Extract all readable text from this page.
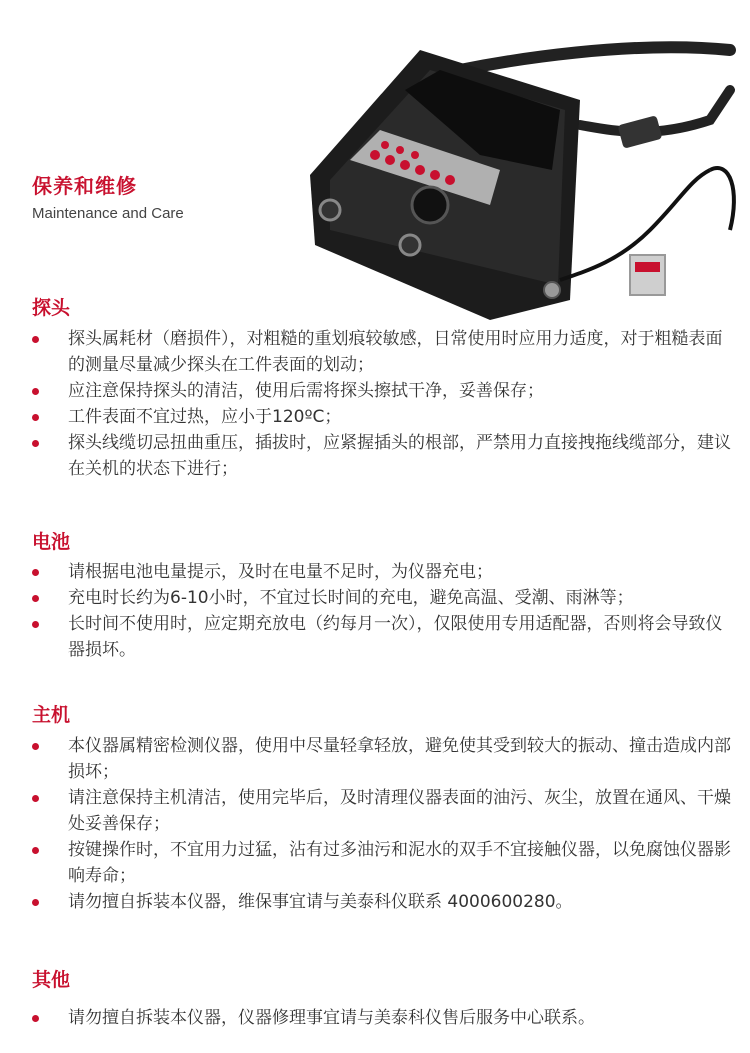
保养和维修
Maintenance and Care
探头
探头属耗材（磨损件），对粗糙的重划痕较敏感，日常使用时应用力适度，对于粗糙表面的测量尽量减少探头在工件表面的划动；
应注意保持探头的清洁，使用后需将探头擦拭干净，妥善保存；
工件表面不宜过热，应小于120ºC；
探头线缆切忌扭曲重压，插拔时，应紧握插头的根部，严禁用力直接拽拖线缆部分，建议在关机的状态下进行；
电池
请根据电池电量提示，及时在电量不足时，为仪器充电；
充电时长约为6-10小时，不宜过长时间的充电，避免高温、受潮、雨淋等；
长时间不使用时，应定期充放电（约每月一次），仅限使用专用适配器，否则将会导致仪器损坏。
主机
本仪器属精密检测仪器，使用中尽量轻拿轻放，避免使其受到较大的振动、撞击造成内部损坏；
请注意保持主机清洁，使用完毕后，及时清理仪器表面的油污、灰尘，放置在通风、干燥处妥善保存；
按键操作时，不宜用力过猛，沾有过多油污和泥水的双手不宜接触仪器，以免腐蚀仪器影响寿命；
请勿擅自拆装本仪器，维保事宜请与美泰科仪联系 4000600280。
其他
请勿擅自拆装本仪器，仪器修理事宜请与美泰科仪售后服务中心联系。
